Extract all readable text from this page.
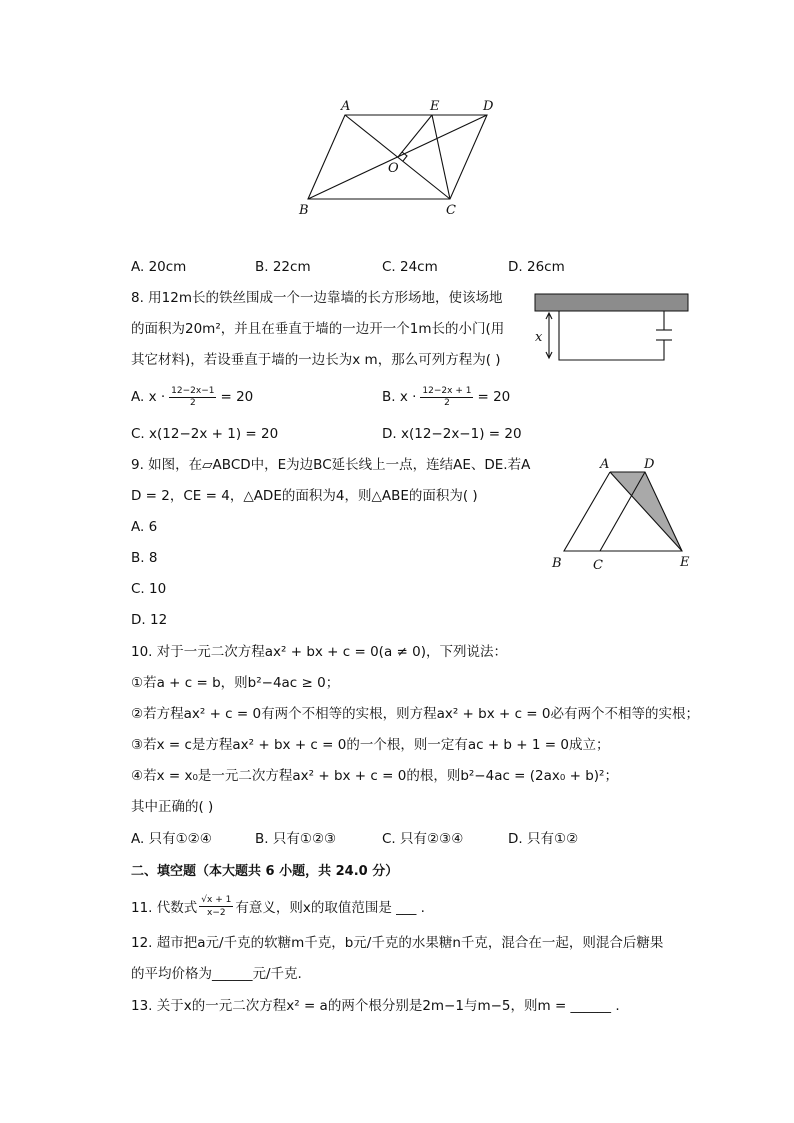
A	E	D
O
B	C
x
A	D
B C	E
A. 20cm	B. 22cm	C. 24cm	D. 26cm
8. 用12m长的铁丝围成一个一边靠墙的长方形场地，使该场地
的面积为20m²，并且在垂直于墙的一边开一个1m长的小门(用
其它材料)，若设垂直于墙的一边长为x m，那么可列方程为( )
A. $x \cdot \frac{12-2x-1}{2} = 20$	B. $x \cdot \frac{12-2x + 1}{2} = 20$
C. x(12−2x + 1) = 20	D. x(12−2x−1) = 20
9. 如图，在▱ABCD中，E为边BC延长线上一点，连结AE、DE.若A
D = 2，CE = 4，△ADE的面积为4，则△ABE的面积为( )
A. 6
B. 8
C. 10
D. 12
10. 对于一元二次方程ax² + bx + c = 0(a ≠ 0)，下列说法：
①若a + c = b，则b²−4ac ≥ 0；
②若方程ax² + c = 0有两个不相等的实根，则方程ax² + bx + c = 0必有两个不相等的实根；
③若x = c是方程ax² + bx + c = 0的一个根，则一定有ac + b + 1 = 0成立；
④若x = x₀是一元二次方程ax² + bx + c = 0的根，则b²−4ac = (2ax₀ + b)²；
其中正确的( )
A. 只有①②④	B. 只有①②③	C. 只有②③④	D. 只有①②
二、填空题（本大题共 6 小题，共 24.0 分）
11. 代数式 $\frac{√x + 1}{x-2}$ 有意义，则x的取值范围是 ___ .
12. 超市把a元/千克的软糖m千克，b元/千克的水果糖n千克，混合在一起，则混合后糖果
的平均价格为______元/千克.
13. 关于x的一元二次方程x² = a的两个根分别是2m−1与m−5，则m = ______ .
